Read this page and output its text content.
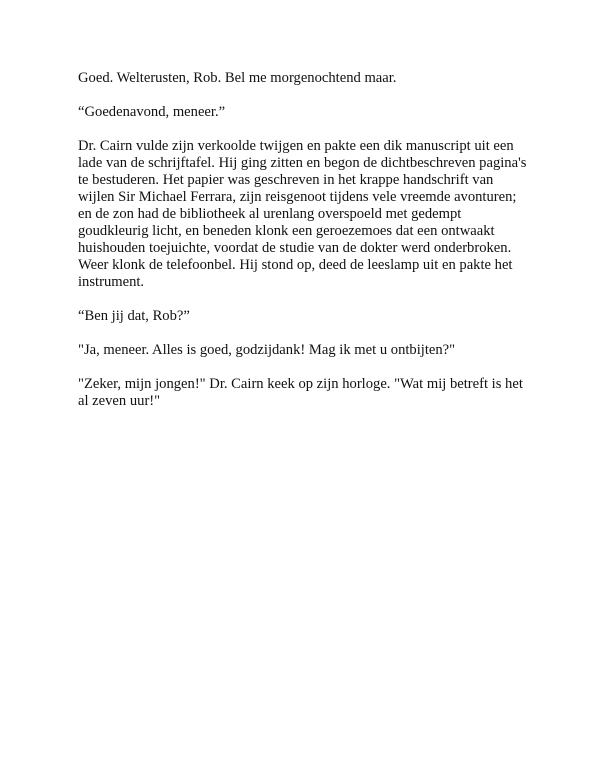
Goed. Welterusten, Rob. Bel me morgenochtend maar.

“Goedenavond, meneer.”

Dr. Cairn vulde zijn verkoolde twijgen en pakte een dik manuscript uit een lade van de schrijftafel. Hij ging zitten en begon de dichtbeschreven pagina's te bestuderen. Het papier was geschreven in het krappe handschrift van wijlen Sir Michael Ferrara, zijn reisgenoot tijdens vele vreemde avonturen; en de zon had de bibliotheek al urenlang overspoeld met gedempt goudkleurig licht, en beneden klonk een geroezemoes dat een ontwaakt huishouden toejuichte, voordat de studie van de dokter werd onderbroken. Weer klonk de telefoonbel. Hij stond op, deed de leeslamp uit en pakte het instrument.

“Ben jij dat, Rob?”

"Ja, meneer. Alles is goed, godzijdank! Mag ik met u ontbijten?"

"Zeker, mijn jongen!" Dr. Cairn keek op zijn horloge. "Wat mij betreft is het al zeven uur!"
